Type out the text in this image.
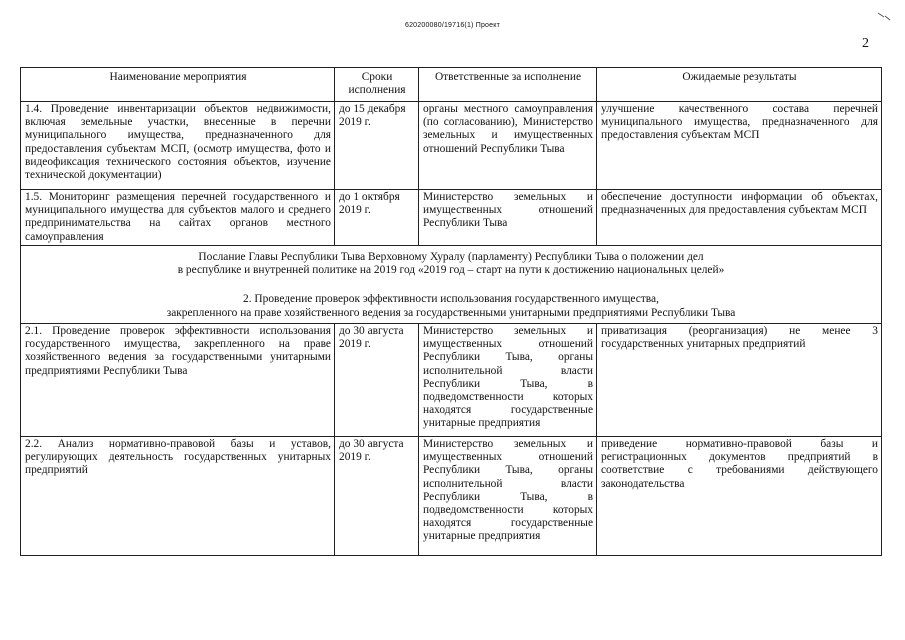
620200080/19716(1) Проект
2
Наименование мероприятия	Сроки исполнения	Ответственные за исполнение	Ожидаемые результаты
1.4. Проведение инвентаризации объектов недвижимости, включая земельные участки, внесенные в перечни муниципального имущества, предназначенного для предоставления субъектам МСП, (осмотр имущества, фото и видеофиксация технического состояния объектов, изучение технической документации)	до 15 декабря 2019 г.	органы местного самоуправления (по согласованию), Министерство земельных и имущественных отношений Республики Тыва	улучшение качественного состава перечней муниципального имущества, предназначенного для предоставления субъектам МСП
1.5. Мониторинг размещения перечней государственного и муниципального имущества для субъектов малого и среднего предпринимательства на сайтах органов местного самоуправления	до 1 октября 2019 г.	Министерство земельных и имущественных отношений Республики Тыва	обеспечение доступности информации об объектах, предназначенных для предоставления субъектам МСП

Послание Главы Республики Тыва Верховному Хуралу (парламенту) Республики Тыва о положении дел
в республике и внутренней политике на 2019 год «2019 год – старт на пути к достижению национальных целей»
2. Проведение проверок эффективности использования государственного имущества,
закрепленного на праве хозяйственного ведения за государственными унитарными предприятиями Республики Тыва			

2.1. Проведение проверок эффективности использования государственного имущества, закрепленного на праве хозяйственного ведения за государственными унитарными предприятиями Республики Тыва	до 30 августа 2019 г.	Министерство земельных и имущественных отношений Республики Тыва, органы исполнительной власти Республики Тыва, в подведомственности которых находятся государственные унитарные предприятия	приватизация (реорганизация) не менее 3 государственных унитарных предприятий
2.2. Анализ нормативно-правовой базы и уставов, регулирующих деятельность государственных унитарных предприятий	до 30 августа 2019 г.	Министерство земельных и имущественных отношений Республики Тыва, органы исполнительной власти Республики Тыва, в подведомственности которых находятся государственные унитарные предприятия	приведение нормативно-правовой базы и регистрационных документов предприятий в соответствие с требованиями действующего законодательства
